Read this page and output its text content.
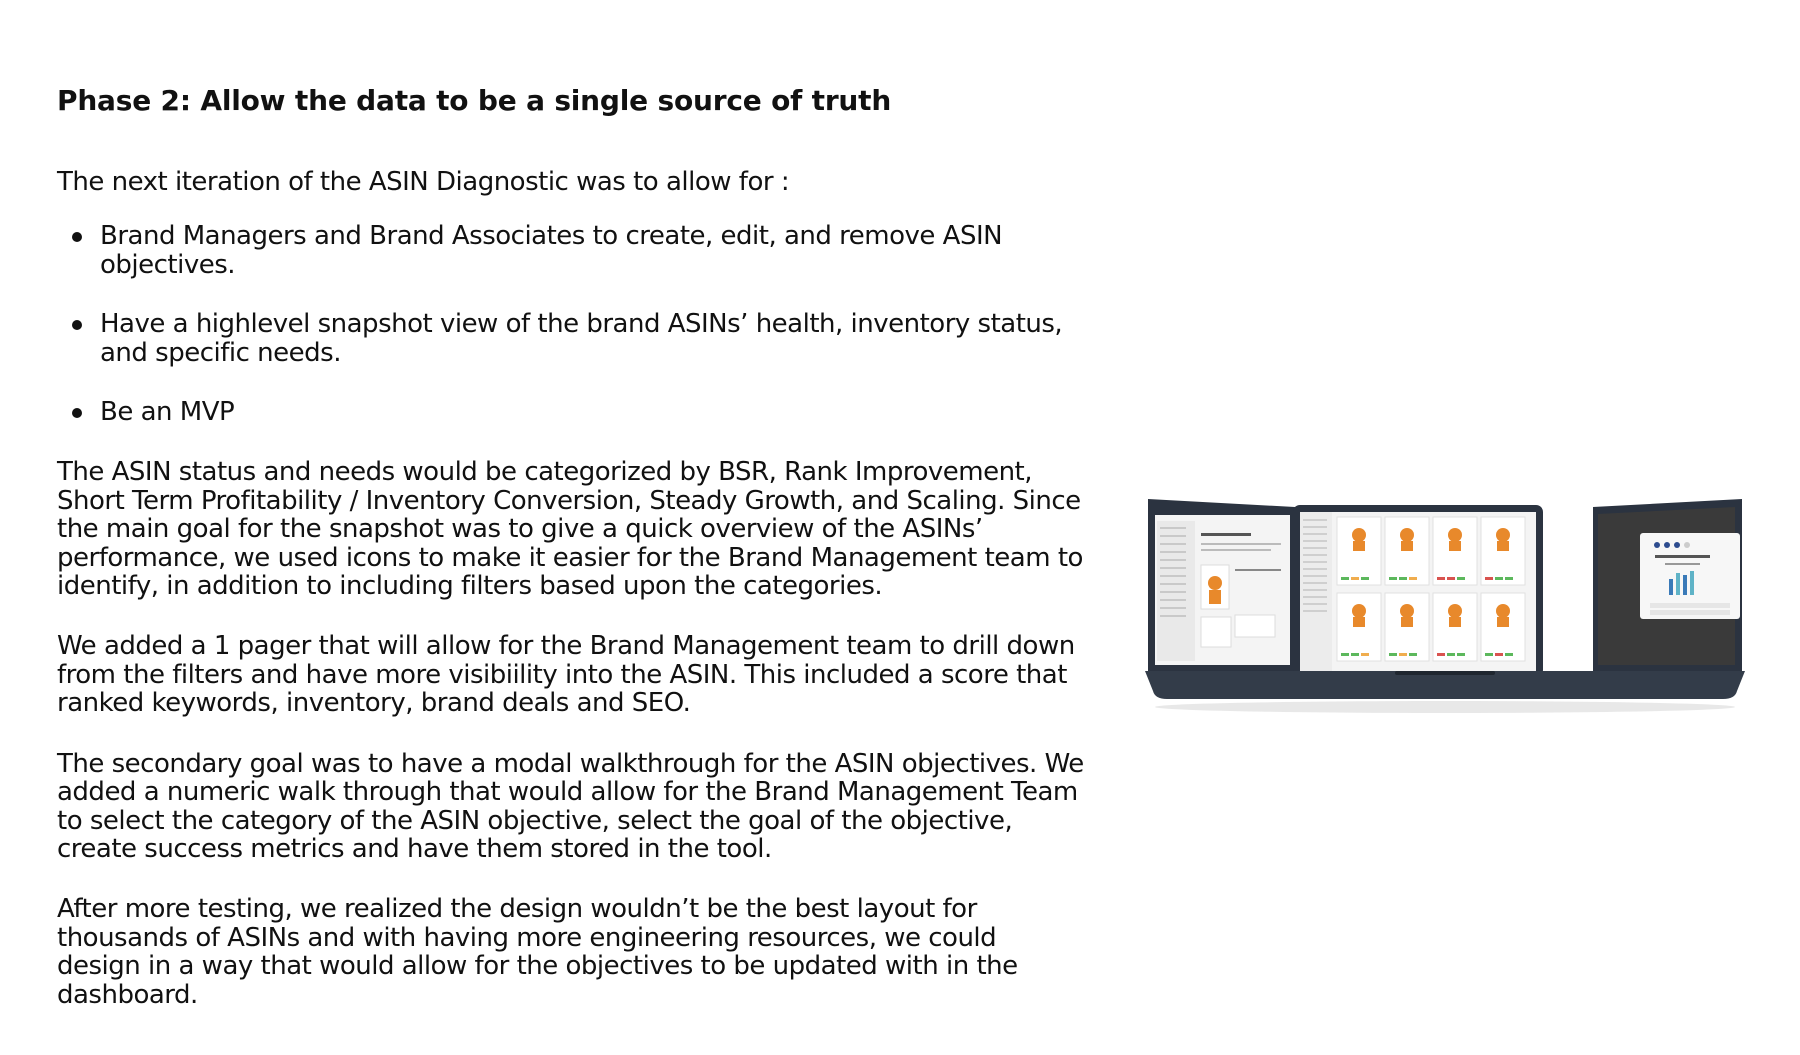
Phase 2: Allow the data to be a single source of truth

The next iteration of the ASIN Diagnostic was to allow for :

Brand Managers and Brand Associates to create, edit, and remove ASIN objectives.
Have a highlevel snapshot view of the brand ASINs’ health, inventory status, and specific needs.
Be an MVP

The ASIN status and needs would be categorized by BSR, Rank Improvement, Short Term Profitability / Inventory Conversion, Steady Growth, and Scaling. Since the main goal for the snapshot was to give a quick overview of the ASINs’ performance, we used icons to make it easier for the Brand Management team to identify, in addition to including filters based upon the categories.

We added a 1 pager that will allow for the Brand Management team to drill down from the filters and have more visibiility into the ASIN. This included a score that ranked keywords, inventory, brand deals and SEO.

The secondary goal was to have a modal walkthrough for the ASIN objectives. We added a numeric walk through that would allow for the Brand Management Team to select the category of the ASIN objective, select the goal of the objective, create success metrics and have them stored in the tool.

After more testing, we realized the design wouldn’t be the best layout for thousands of ASINs and with having more engineering resources, we could design in a way that would allow for the objectives to be updated with in the dashboard.
